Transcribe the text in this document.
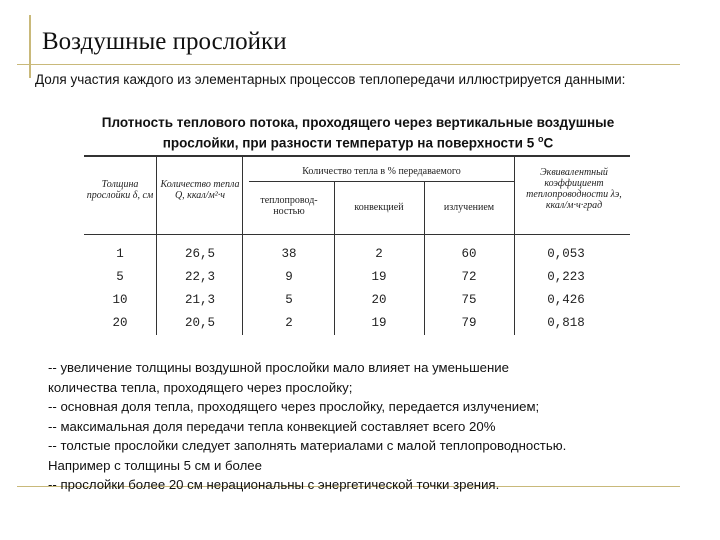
Воздушные прослойки
Доля участия каждого из элементарных процессов теплопередачи иллюстрируется данными:
Плотность теплового потока, проходящего через вертикальные воздушные
прослойки, при разности температур на поверхности 5 $^o$С
Толщина прослойки δ, см
Количество тепла Q, ккал/м²·ч
Количество тепла в % передаваемого
теплопровод-ностью	конвекцией	излучением
Эквивалентный коэффициент теплопроводности λэ, ккал/м·ч·град
1
5
10
20
26,5
22,3
21,3
20,5
38
9
5
2
2
19
20
19
60
72
75
79
0,053
0,223
0,426
0,818
-- увеличение толщины воздушной прослойки мало влияет на уменьшение
количества тепла, проходящего через прослойку;
-- основная доля тепла, проходящего через прослойку, передается излучением;
-- максимальная доля передачи тепла конвекцией составляет всего 20%
-- толстые прослойки следует заполнять материалами с малой теплопроводностью.
Например с толщины 5 см и более
-- прослойки более 20 см нерациональны с энергетической точки зрения.
